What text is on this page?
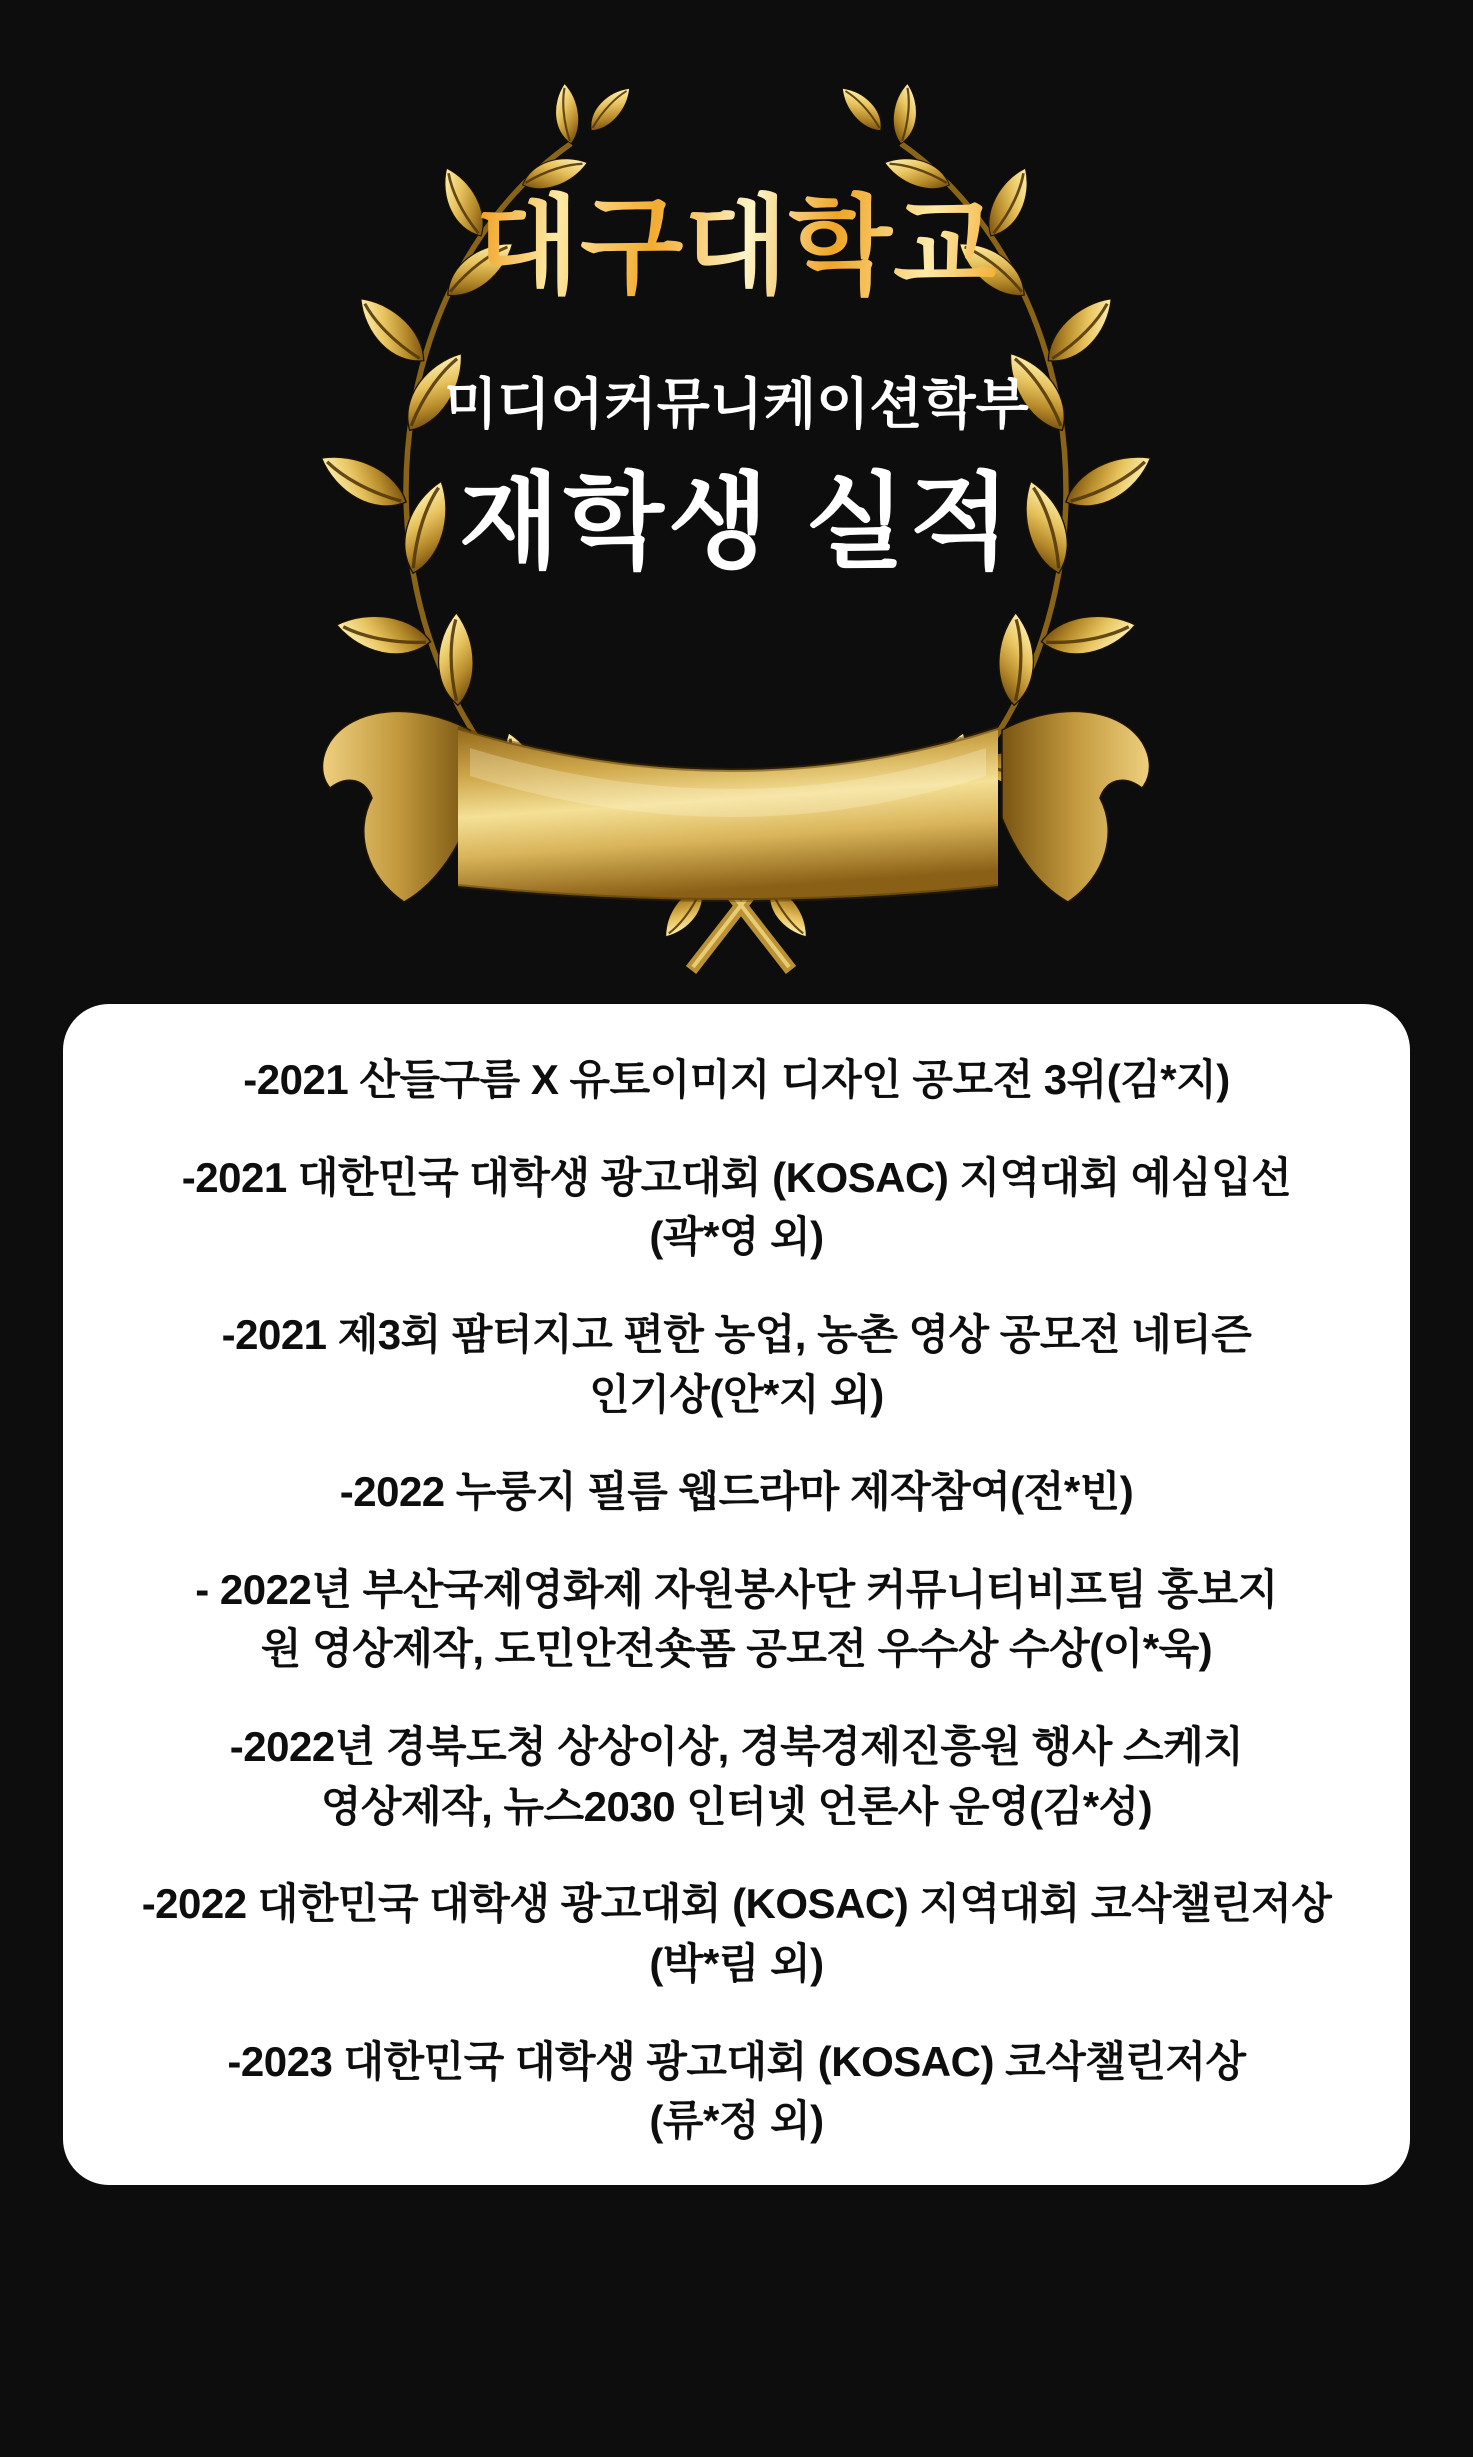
대구대학교
미디어커뮤니케이션학부
재학생 실적
-2021 산들구름 X 유토이미지 디자인 공모전 3위(김*지)
-2021 대한민국 대학생 광고대회 (KOSAC) 지역대회 예심입선
(곽*영 외)
-2021 제3회 팜터지고 편한 농업, 농촌 영상 공모전 네티즌
인기상(안*지 외)
-2022 누룽지 필름 웹드라마 제작참여(전*빈)
- 2022년 부산국제영화제 자원봉사단 커뮤니티비프팀 홍보지
원 영상제작, 도민안전숏폼 공모전 우수상 수상(이*욱)
-2022년 경북도청 상상이상, 경북경제진흥원 행사 스케치
영상제작, 뉴스2030 인터넷 언론사 운영(김*성)
-2022 대한민국 대학생 광고대회 (KOSAC) 지역대회 코삭챌린저상
(박*림 외)
-2023 대한민국 대학생 광고대회 (KOSAC) 코삭챌린저상
(류*정 외)
